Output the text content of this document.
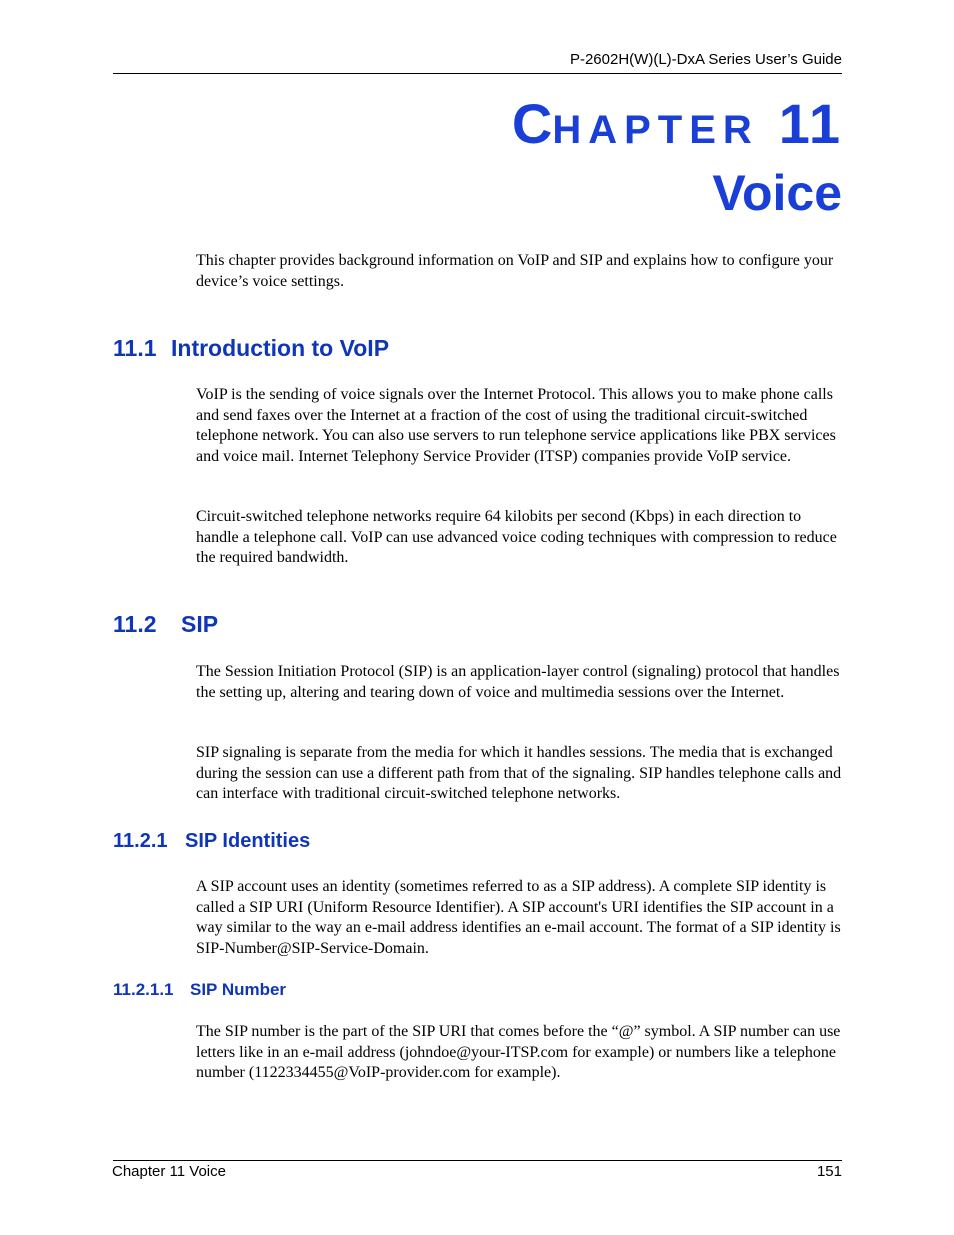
P-2602H(W)(L)-DxA Series User’s Guide
CHAPTER 11
Voice

This chapter provides background information on VoIP and SIP and explains how to configure your device’s voice settings.

11.1 Introduction to VoIP

VoIP is the sending of voice signals over the Internet Protocol. This allows you to make phone calls and send faxes over the Internet at a fraction of the cost of using the traditional circuit-switched telephone network. You can also use servers to run telephone service applications like PBX services and voice mail. Internet Telephony Service Provider (ITSP) companies provide VoIP service.

Circuit-switched telephone networks require 64 kilobits per second (Kbps) in each direction to handle a telephone call. VoIP can use advanced voice coding techniques with compression to reduce the required bandwidth.

11.2 SIP

The Session Initiation Protocol (SIP) is an application-layer control (signaling) protocol that handles the setting up, altering and tearing down of voice and multimedia sessions over the Internet.

SIP signaling is separate from the media for which it handles sessions. The media that is exchanged during the session can use a different path from that of the signaling. SIP handles telephone calls and can interface with traditional circuit-switched telephone networks.

11.2.1 SIP Identities

A SIP account uses an identity (sometimes referred to as a SIP address). A complete SIP identity is called a SIP URI (Uniform Resource Identifier). A SIP account's URI identifies the SIP account in a way similar to the way an e-mail address identifies an e-mail account. The format of a SIP identity is SIP-Number@SIP-Service-Domain.

11.2.1.1 SIP Number

The SIP number is the part of the SIP URI that comes before the “@” symbol. A SIP number can use letters like in an e-mail address (johndoe@your-ITSP.com for example) or numbers like a telephone number (1122334455@VoIP-provider.com for example).

Chapter 11 Voice	151
